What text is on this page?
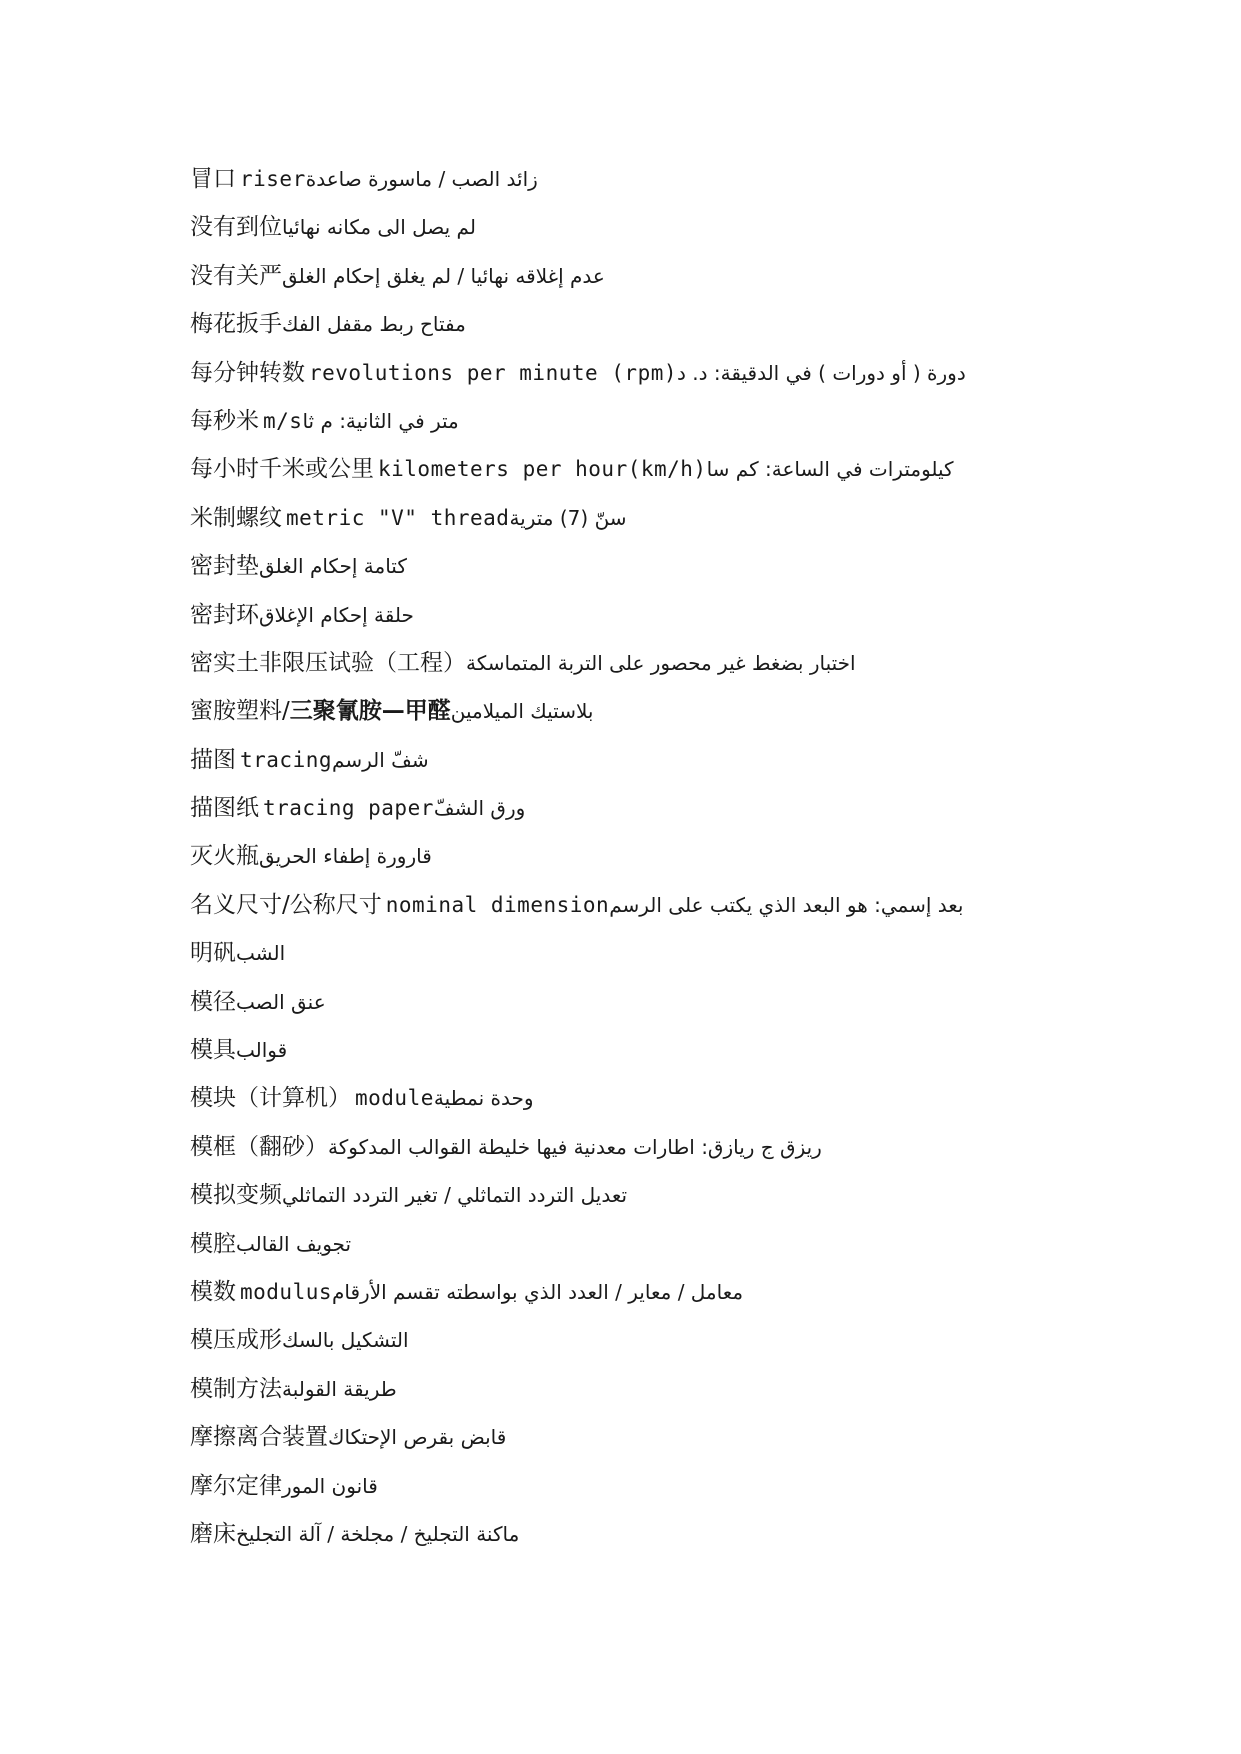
冒口 riserزائد الصب / ماسورة صاعدة
没有到位لم يصل الى مكانه نهائيا
没有关严عدم إغلاقه نهائيا / لم يغلق إحكام الغلق
梅花扳手مفتاح ربط مقفل الفك
每分钟转数 revolutions per minute (rpm)دورة ( أو دورات ) في الدقيقة: د. د
每秒米 m/sمتر في الثانية: م ثا
每小时千米或公里 kilometers per hour(km/h)كيلومترات في الساعة: كم سا
米制螺纹 metric "V" threadسنّ (7) مترية
密封垫كتامة إحكام الغلق
密封环حلقة إحكام الإغلاق
密实土非限压试验（工程）اختبار بضغط غير محصور على التربة المتماسكة
蜜胺塑料/三聚氰胺—甲醛بلاستيك الميلامين
描图 tracingشفّ الرسم
描图纸 tracing paperورق الشفّ
灭火瓶قارورة إطفاء الحريق
名义尺寸/公称尺寸 nominal dimensionبعد إسمي: هو البعد الذي يكتب على الرسم
明矾الشب
模径عنق الصب
模具قوالب
模块（计算机） moduleوحدة نمطية
模框（翻砂）ريزق ج ريازق: اطارات معدنية فيها خليطة القوالب المدكوكة
模拟变频تعديل التردد التماثلي / تغير التردد التماثلي
模腔تجويف القالب
模数 modulusمعامل / معاير / العدد الذي بواسطته تقسم الأرقام
模压成形التشكيل بالسك
模制方法طريقة القولبة
摩擦离合装置قابض بقرص الإحتكاك
摩尔定律قانون المور
磨床ماكنة التجليخ / مجلخة / آلة التجليخ
